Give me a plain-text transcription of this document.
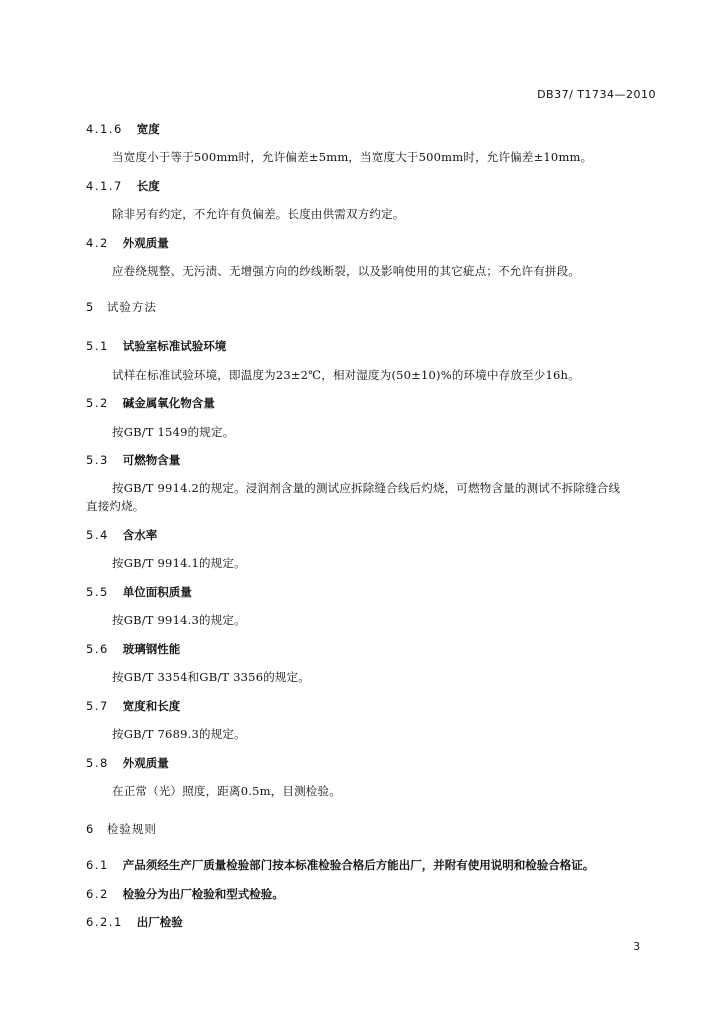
DB37/ T1734—2010
4.1.6 宽度
当宽度小于等于500mm时，允许偏差±5mm，当宽度大于500mm时，允许偏差±10mm。
4.1.7 长度
除非另有约定，不允许有负偏差。长度由供需双方约定。
4.2 外观质量
应卷绕规整、无污渍、无增强方向的纱线断裂，以及影响使用的其它疵点；不允许有拼段。
5 试验方法
5.1 试验室标准试验环境
试样在标准试验环境，即温度为23±2℃，相对湿度为(50±10)%的环境中存放至少16h。
5.2 碱金属氧化物含量
按GB/T 1549的规定。
5.3 可燃物含量
按GB/T 9914.2的规定。浸润剂含量的测试应拆除缝合线后灼烧，可燃物含量的测试不拆除缝合线
直接灼烧。
5.4 含水率
按GB/T 9914.1的规定。
5.5 单位面积质量
按GB/T 9914.3的规定。
5.6 玻璃钢性能
按GB/T 3354和GB/T 3356的规定。
5.7 宽度和长度
按GB/T 7689.3的规定。
5.8 外观质量
在正常（光）照度，距离0.5m，目测检验。
6 检验规则
6.1 产品须经生产厂质量检验部门按本标准检验合格后方能出厂，并附有使用说明和检验合格证。
6.2 检验分为出厂检验和型式检验。
6.2.1 出厂检验
3
